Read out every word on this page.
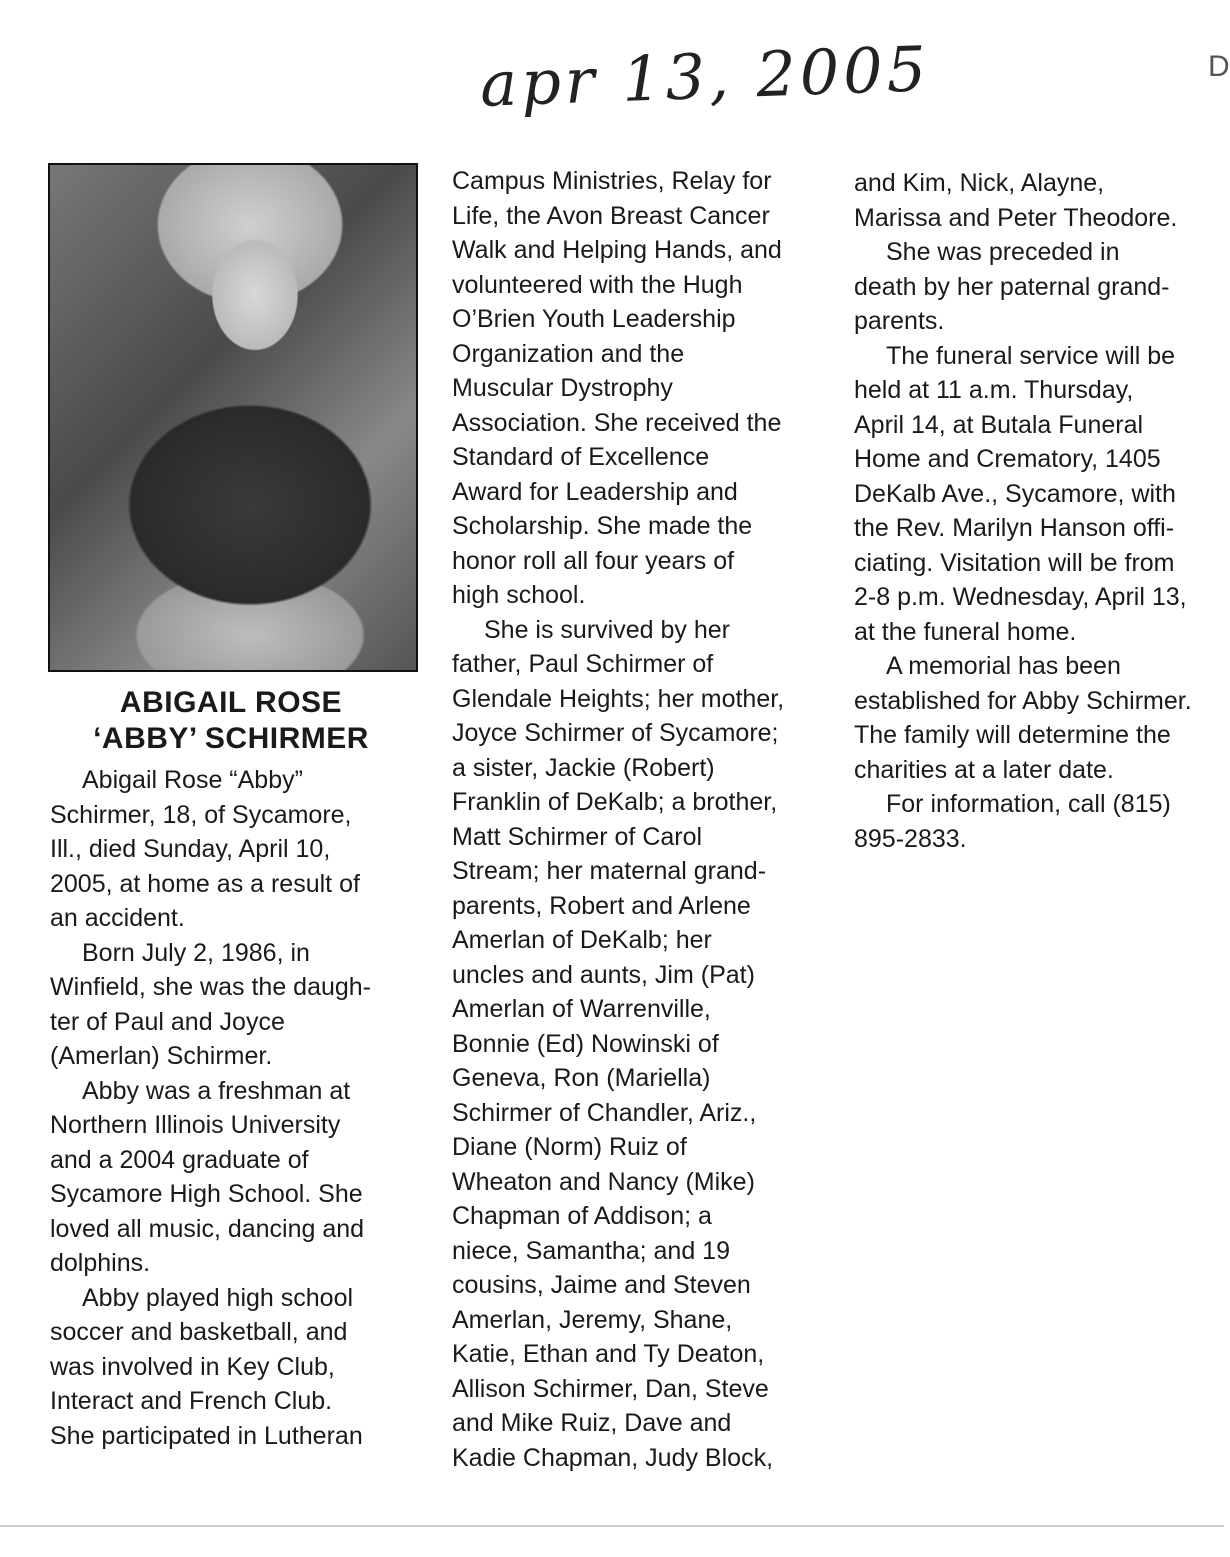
apr 13, 2005	D
ABIGAIL ROSE
‘ABBY’ SCHIRMER
Abigail Rose “Abby”
Schirmer, 18, of Sycamore,
Ill., died Sunday, April 10,
2005, at home as a result of
an accident.
Born July 2, 1986, in
Winfield, she was the daugh-
ter of Paul and Joyce
(Amerlan) Schirmer.
Abby was a freshman at
Northern Illinois University
and a 2004 graduate of
Sycamore High School. She
loved all music, dancing and
dolphins.
Abby played high school
soccer and basketball, and
was involved in Key Club,
Interact and French Club.
She participated in Lutheran
Campus Ministries, Relay for
Life, the Avon Breast Cancer
Walk and Helping Hands, and
volunteered with the Hugh
O’Brien Youth Leadership
Organization and the
Muscular Dystrophy
Association. She received the
Standard of Excellence
Award for Leadership and
Scholarship. She made the
honor roll all four years of
high school.
She is survived by her
father, Paul Schirmer of
Glendale Heights; her mother,
Joyce Schirmer of Sycamore;
a sister, Jackie (Robert)
Franklin of DeKalb; a brother,
Matt Schirmer of Carol
Stream; her maternal grand-
parents, Robert and Arlene
Amerlan of DeKalb; her
uncles and aunts, Jim (Pat)
Amerlan of Warrenville,
Bonnie (Ed) Nowinski of
Geneva, Ron (Mariella)
Schirmer of Chandler, Ariz.,
Diane (Norm) Ruiz of
Wheaton and Nancy (Mike)
Chapman of Addison; a
niece, Samantha; and 19
cousins, Jaime and Steven
Amerlan, Jeremy, Shane,
Katie, Ethan and Ty Deaton,
Allison Schirmer, Dan, Steve
and Mike Ruiz, Dave and
Kadie Chapman, Judy Block,
and Kim, Nick, Alayne,
Marissa and Peter Theodore.
She was preceded in
death by her paternal grand-
parents.
The funeral service will be
held at 11 a.m. Thursday,
April 14, at Butala Funeral
Home and Crematory, 1405
DeKalb Ave., Sycamore, with
the Rev. Marilyn Hanson offi-
ciating. Visitation will be from
2-8 p.m. Wednesday, April 13,
at the funeral home.
A memorial has been
established for Abby Schirmer.
The family will determine the
charities at a later date.
For information, call (815)
895-2833.
